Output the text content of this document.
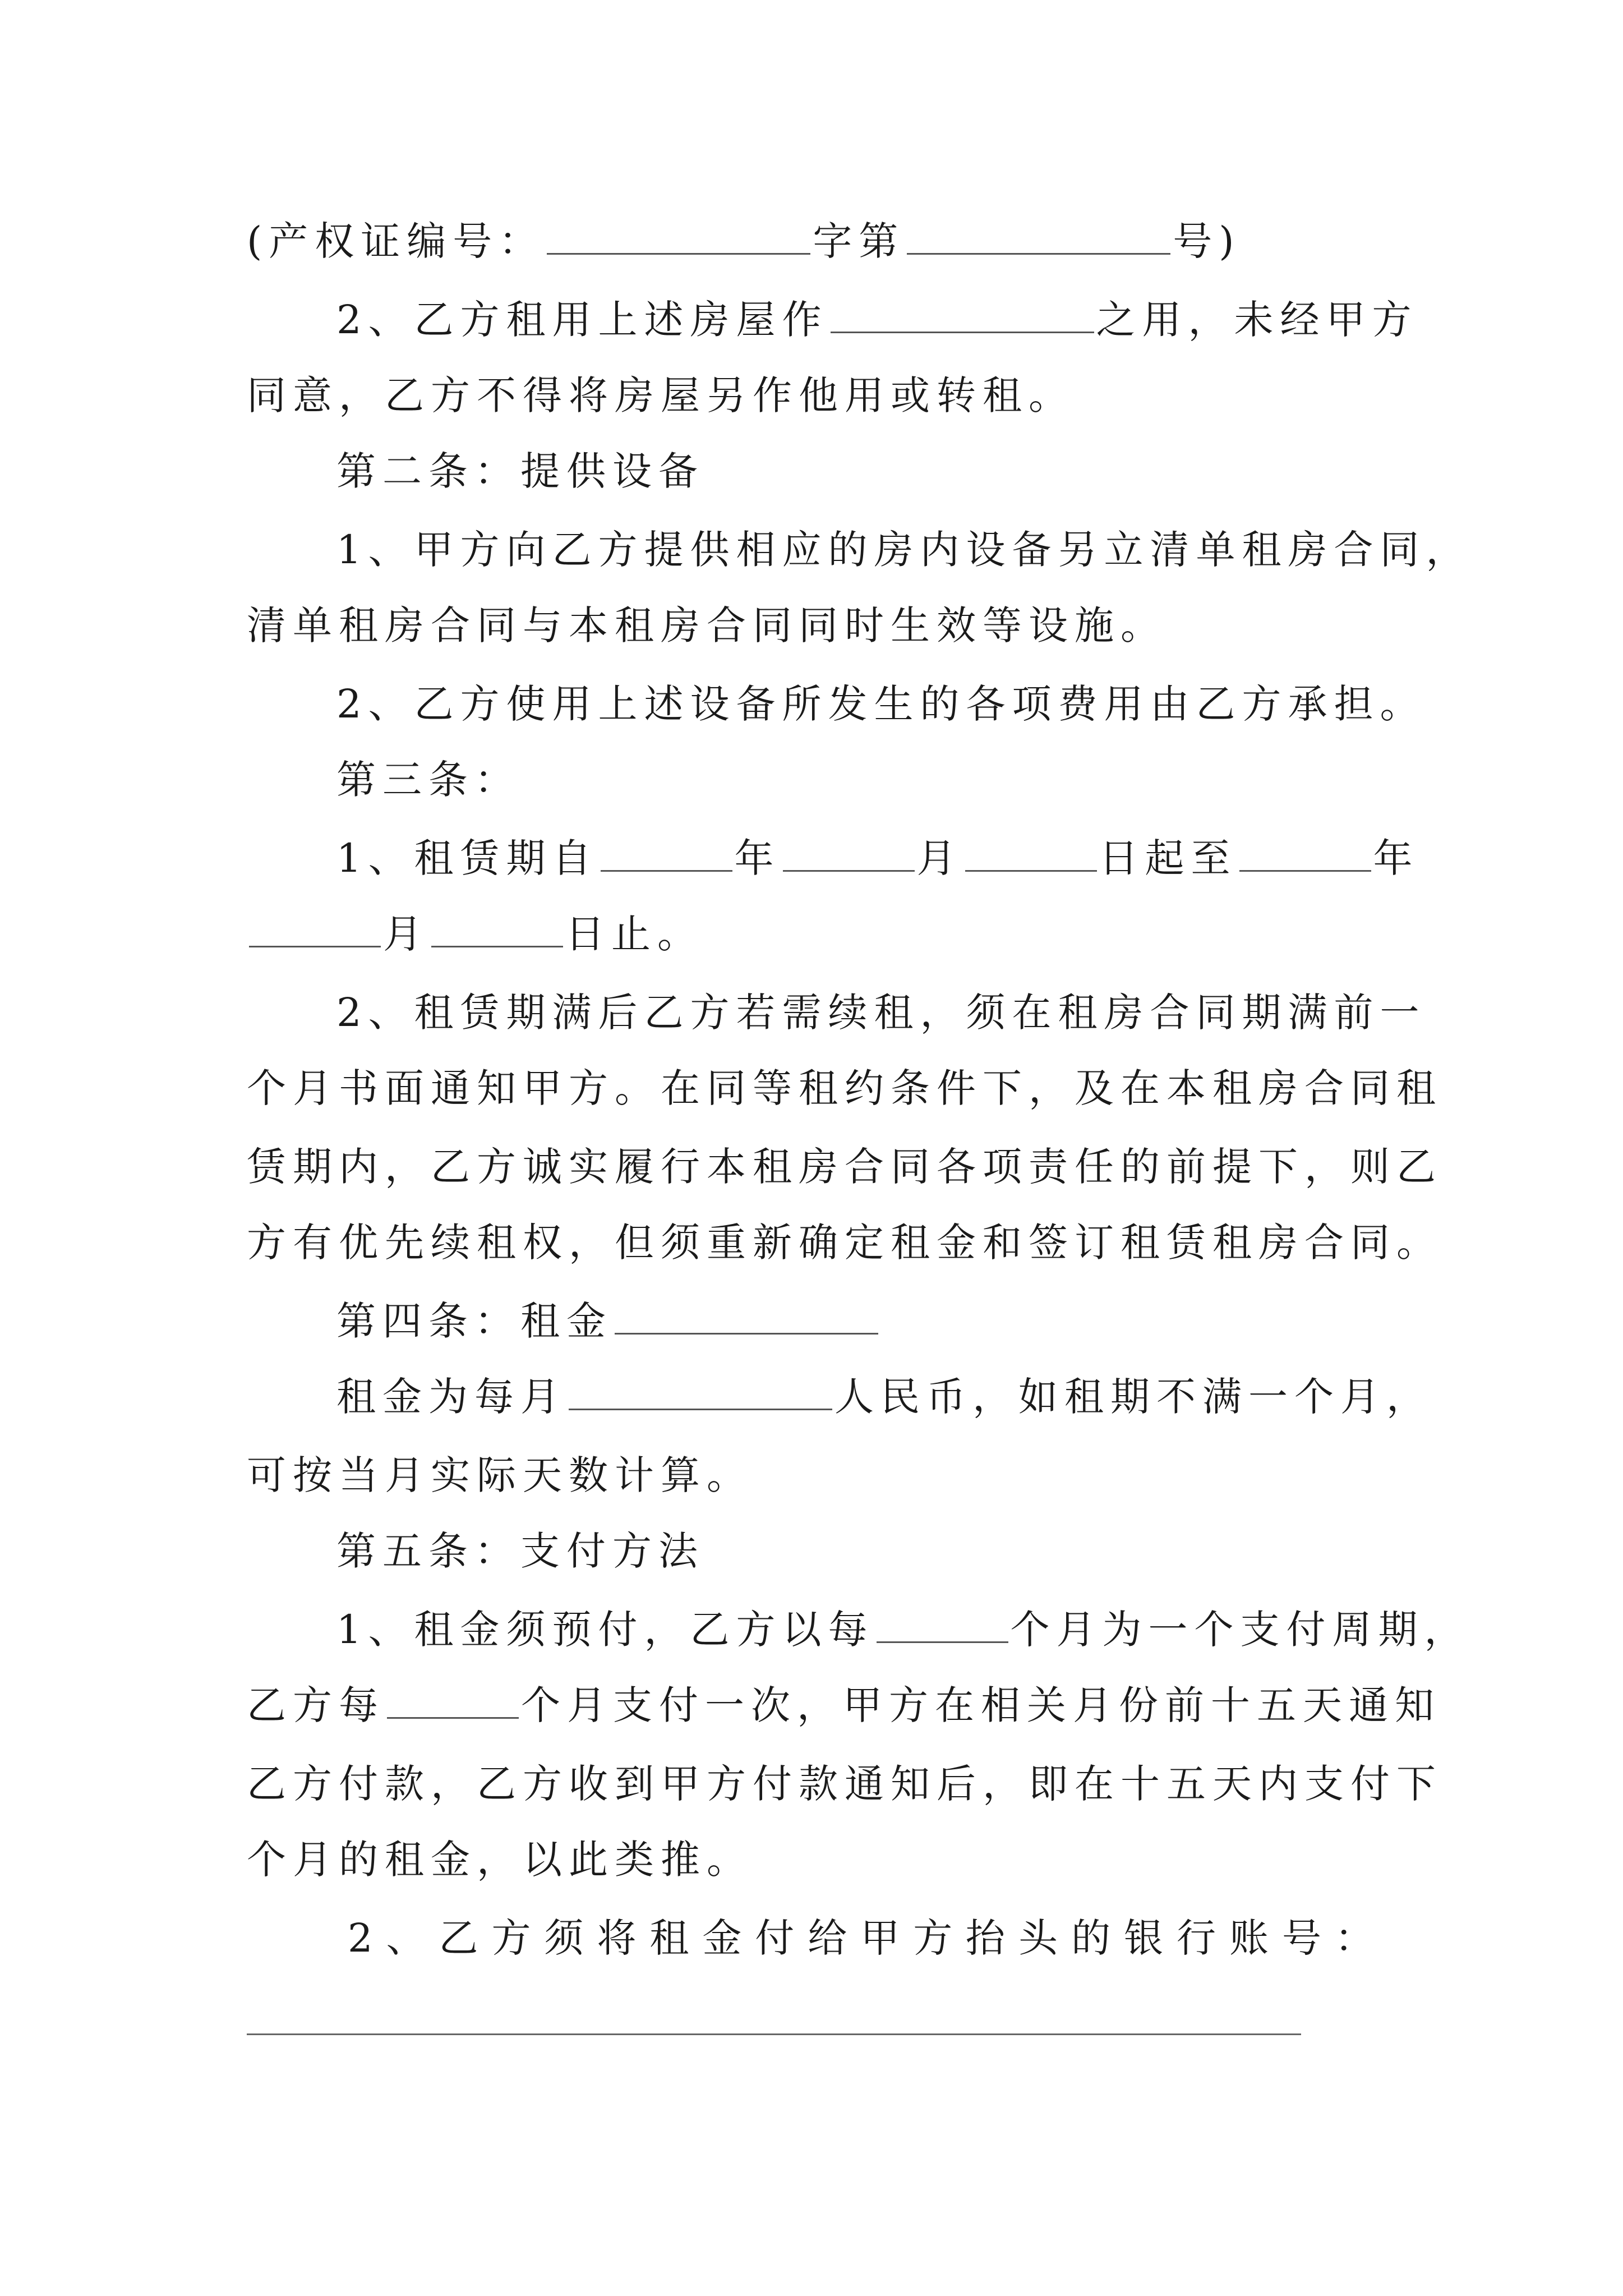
(产权证编号：	字第	号)
2、乙方租用上述房屋作	之用，未经甲方
同意，乙方不得将房屋另作他用或转租。
第二条：提供设备
1、甲方向乙方提供相应的房内设备另立清单租房合同，
清单租房合同与本租房合同同时生效等设施。
2、乙方使用上述设备所发生的各项费用由乙方承担。
第三条：
1、租赁期自	年	月	日起至	年
月	日止。
2、租赁期满后乙方若需续租，须在租房合同期满前一
个月书面通知甲方。在同等租约条件下，及在本租房合同租
赁期内，乙方诚实履行本租房合同各项责任的前提下，则乙
方有优先续租权，但须重新确定租金和签订租赁租房合同。
第四条：租金
租金为每月	人民币，如租期不满一个月，
可按当月实际天数计算。
第五条：支付方法
1、租金须预付，乙方以每	个月为一个支付周期，
乙方每	个月支付一次，甲方在相关月份前十五天通知
乙方付款，乙方收到甲方付款通知后，即在十五天内支付下
个月的租金，以此类推。
2 、 乙 方 须 将 租 金 付 给 甲 方 抬 头 的 银 行 账 号 ：
